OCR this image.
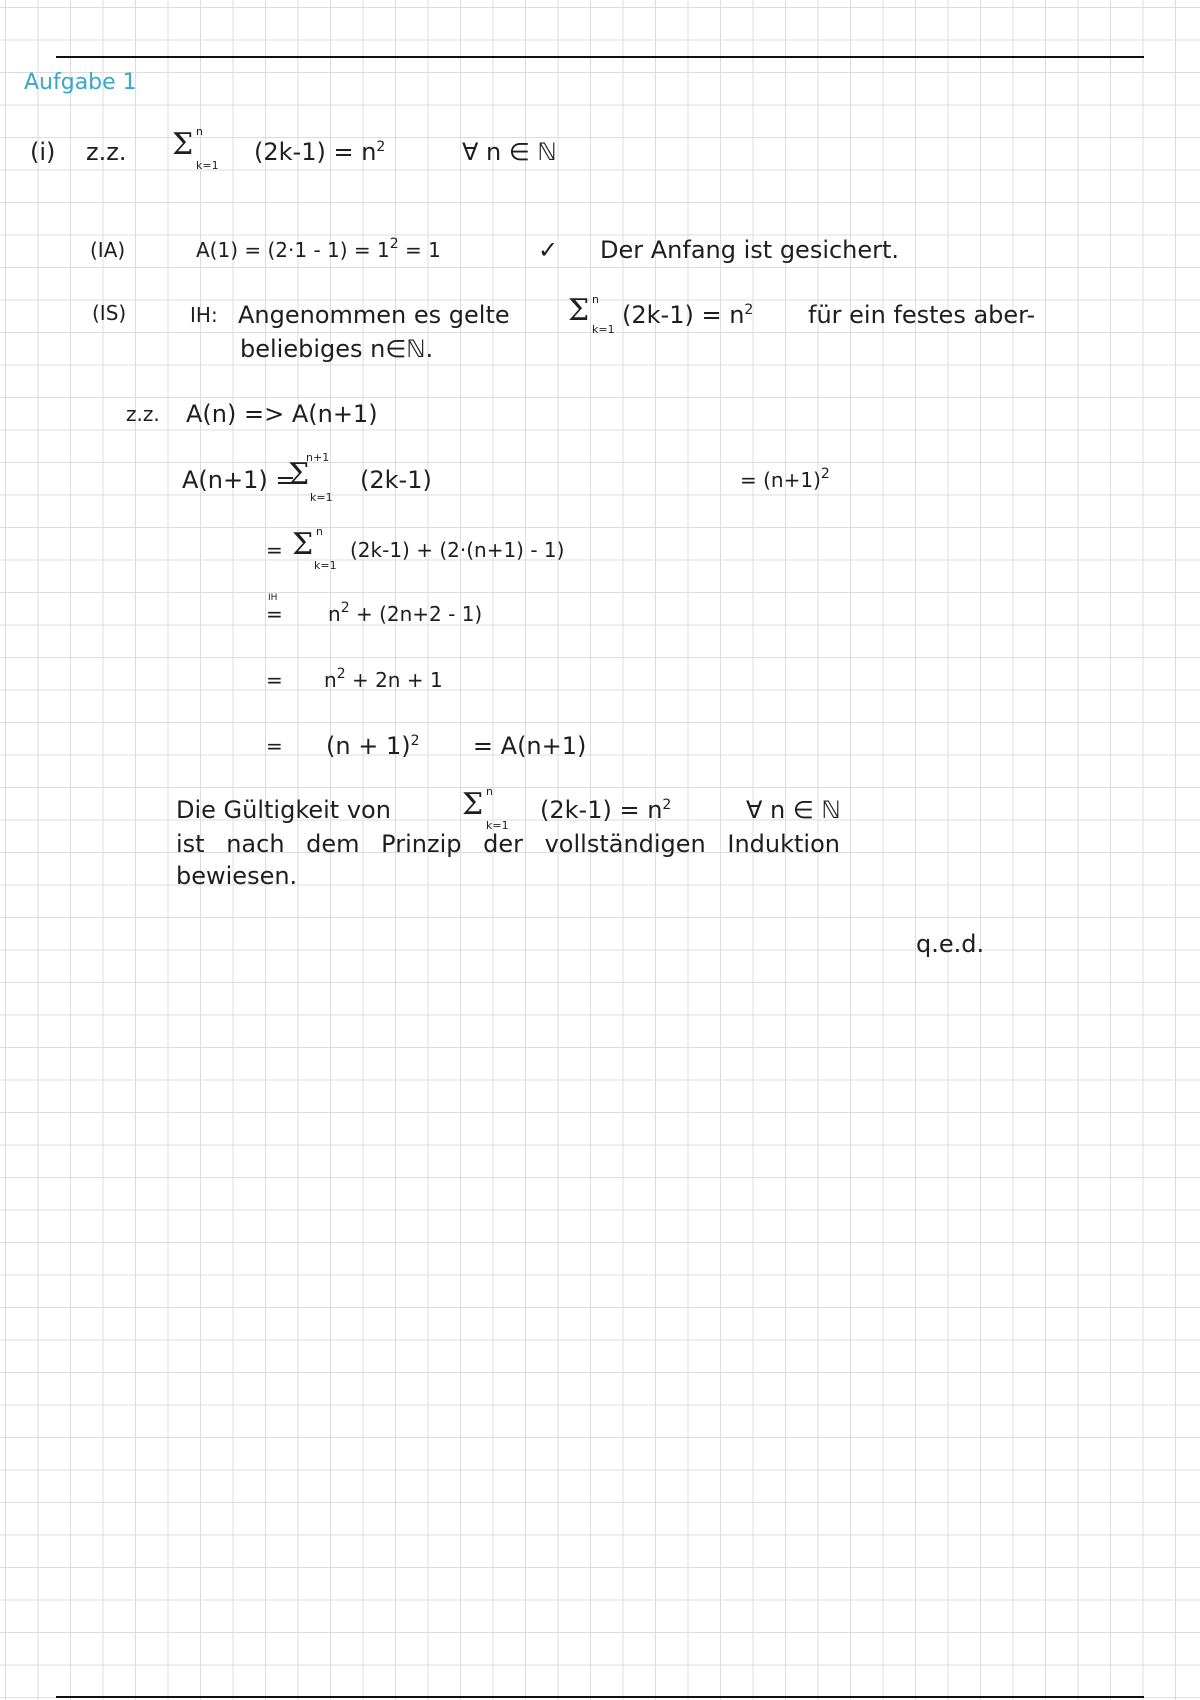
Aufgabe 1
(i) z.z. Σ n
k=1 $(2k-1) = n^2$	∀ n ∈ ℕ
(IA)	$A(1) = (2\cdot 1 - 1) = 1^2 = 1$	✓ Der Anfang ist gesichert.
(IS)	IH: Angenommen es gelte Σ n
k=1
$(2k-1) = n^2$ für ein festes aber-
beliebiges n∈ℕ.
z.z. A(n) => A(n+1)
A(n+1) =
Σ
n+1
k=1
(2k-1)	= $(n+1)^2$
= Σ n
k=1
(2k-1) + (2·(n+1) - 1)
IH
= $n^2 + (2n+2 - 1)$
= $n^2 + 2n + 1$
= $(n + 1)^2 = A(n+1)$
Die Gültigkeit von Σ n
k=1
$(2k-1) = n^2$	∀ n ∈ ℕ
ist nach dem Prinzip der vollständigen Induktion
bewiesen.
q.e.d.
